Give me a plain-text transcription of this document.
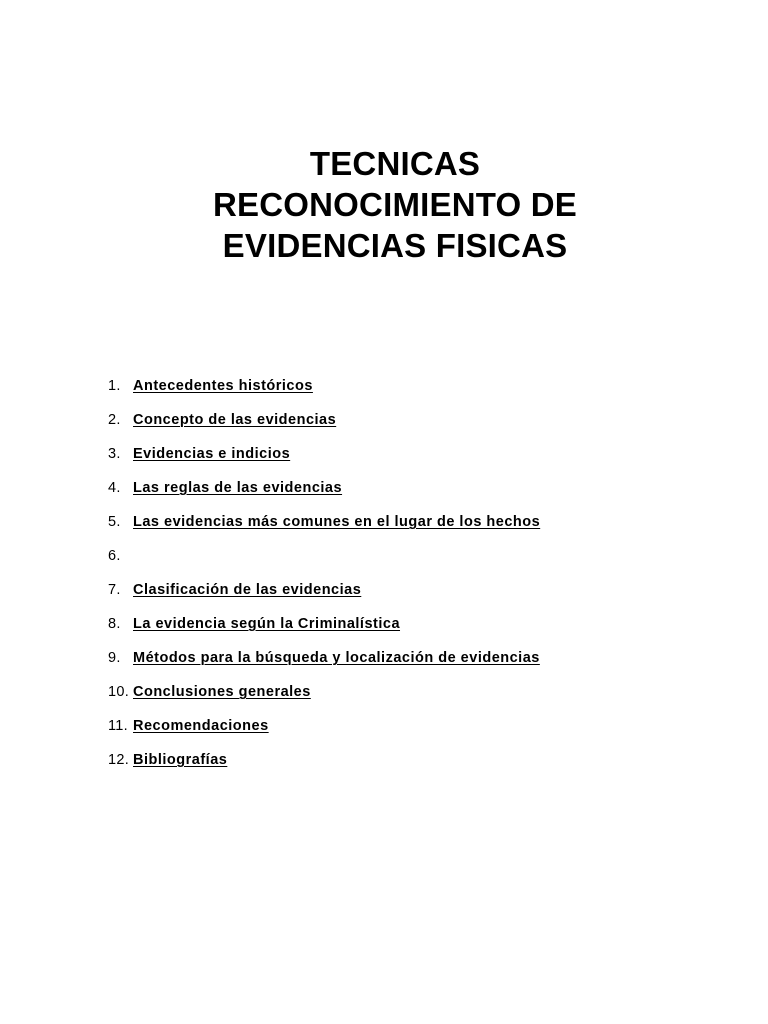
TECNICAS
RECONOCIMIENTO DE
EVIDENCIAS FISICAS
1. Antecedentes históricos
2. Concepto de las evidencias
3. Evidencias e indicios
4. Las reglas de las evidencias
5. Las evidencias más comunes en el lugar de los hechos
6.
7. Clasificación de las evidencias
8. La evidencia según la Criminalística
9. Métodos para la búsqueda y localización de evidencias
10. Conclusiones generales
11. Recomendaciones
12. Bibliografías
